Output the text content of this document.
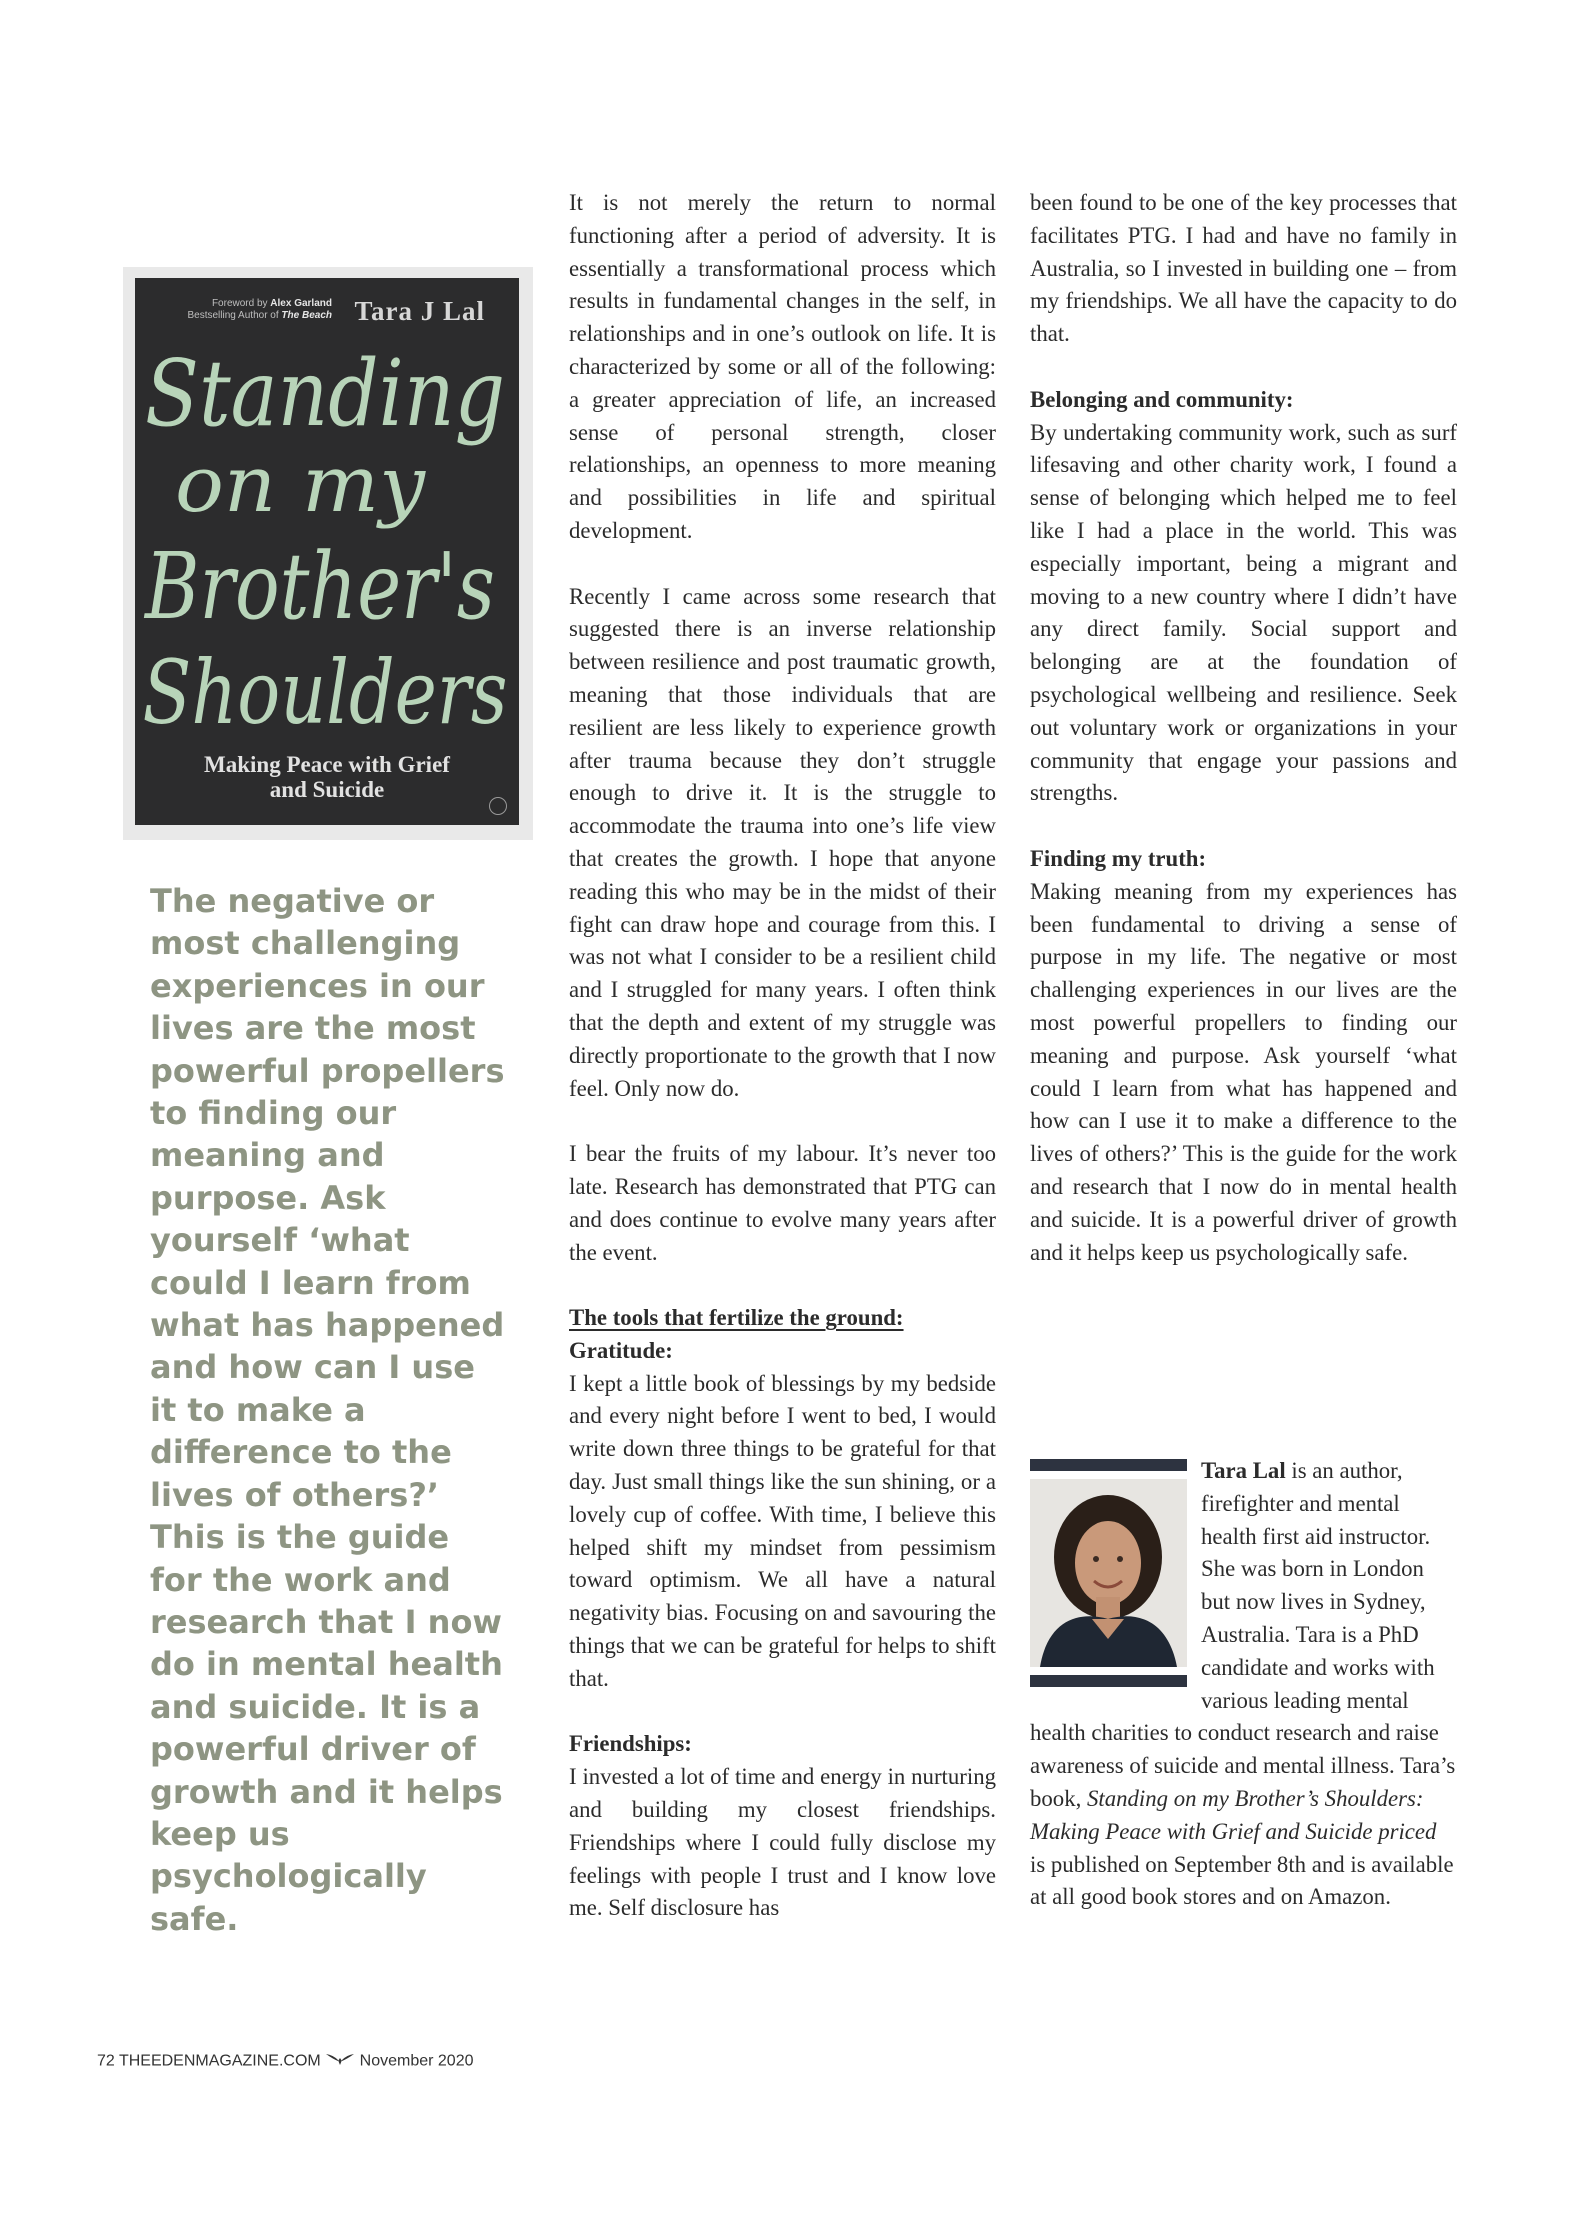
Foreword by Alex Garland
Bestselling Author of The Beach Tara J Lal
Standing
on my
Brother's
Shoulders
Making Peace with Grief
and Suicide
The negative or most challenging experiences in our lives are the most powerful propellers to finding our meaning and purpose. Ask yourself ‘what could I learn from what has happened and how can I use it to make a difference to the lives of others?’ This is the guide for the work and research that I now do in mental health and suicide. It is a powerful driver of growth and it helps keep us psychologically safe.

It is not merely the return to normal functioning after a period of adversity. It is essentially a transformational process which results in fundamental changes in the self, in relationships and in one’s outlook on life. It is characterized by some or all of the following: a greater appreciation of life, an increased sense of personal strength, closer relationships, an openness to more meaning and possibilities in life and spiritual development.

Recently I came across some research that suggested there is an inverse relationship between resilience and post traumatic growth, meaning that those individuals that are resilient are less likely to experience growth after trauma because they don’t struggle enough to drive it. It is the struggle to accommodate the trauma into one’s life view that creates the growth. I hope that anyone reading this who may be in the midst of their fight can draw hope and courage from this. I was not what I consider to be a resilient child and I struggled for many years. I often think that the depth and extent of my struggle was directly proportionate to the growth that I now feel. Only now do.

I bear the fruits of my labour. It’s never too late. Research has demonstrated that PTG can and does continue to evolve many years after the event.

The tools that fertilize the ground:
Gratitude:

I kept a little book of blessings by my bedside and every night before I went to bed, I would write down three things to be grateful for that day. Just small things like the sun shining, or a lovely cup of coffee. With time, I believe this helped shift my mindset from pessimism toward optimism. We all have a natural negativity bias. Focusing on and savouring the things that we can be grateful for helps to shift that.

Friendships:

I invested a lot of time and energy in nurturing and building my closest friendships. Friendships where I could fully disclose my feelings with people I trust and I know love me. Self disclosure has

been found to be one of the key processes that facilitates PTG. I had and have no family in Australia, so I invested in building one – from my friendships. We all have the capacity to do that.

Belonging and community:

By undertaking community work, such as surf lifesaving and other charity work, I found a sense of belonging which helped me to feel like I had a place in the world. This was especially important, being a migrant and moving to a new country where I didn’t have any direct family. Social support and belonging are at the foundation of psychological wellbeing and resilience. Seek out voluntary work or organizations in your community that engage your passions and strengths.

Finding my truth:

Making meaning from my experiences has been fundamental to driving a sense of purpose in my life. The negative or most challenging experiences in our lives are the most powerful propellers to finding our meaning and purpose. Ask yourself ‘what could I learn from what has happened and how can I use it to make a difference to the lives of others?’ This is the guide for the work and research that I now do in mental health and suicide. It is a powerful driver of growth and it helps keep us psychologically safe.

Tara Lal is an author, firefighter and mental health first aid instructor. She was born in London but now lives in Sydney, Australia. Tara is a PhD candidate and works with various leading mental health charities to conduct research and raise awareness of suicide and mental illness. Tara’s book, Standing on my Brother’s Shoulders: Making Peace with Grief and Suicide priced is published on September 8th and is available at all good book stores and on Amazon.

72 THEEDENMAGAZINE.COM November 2020
